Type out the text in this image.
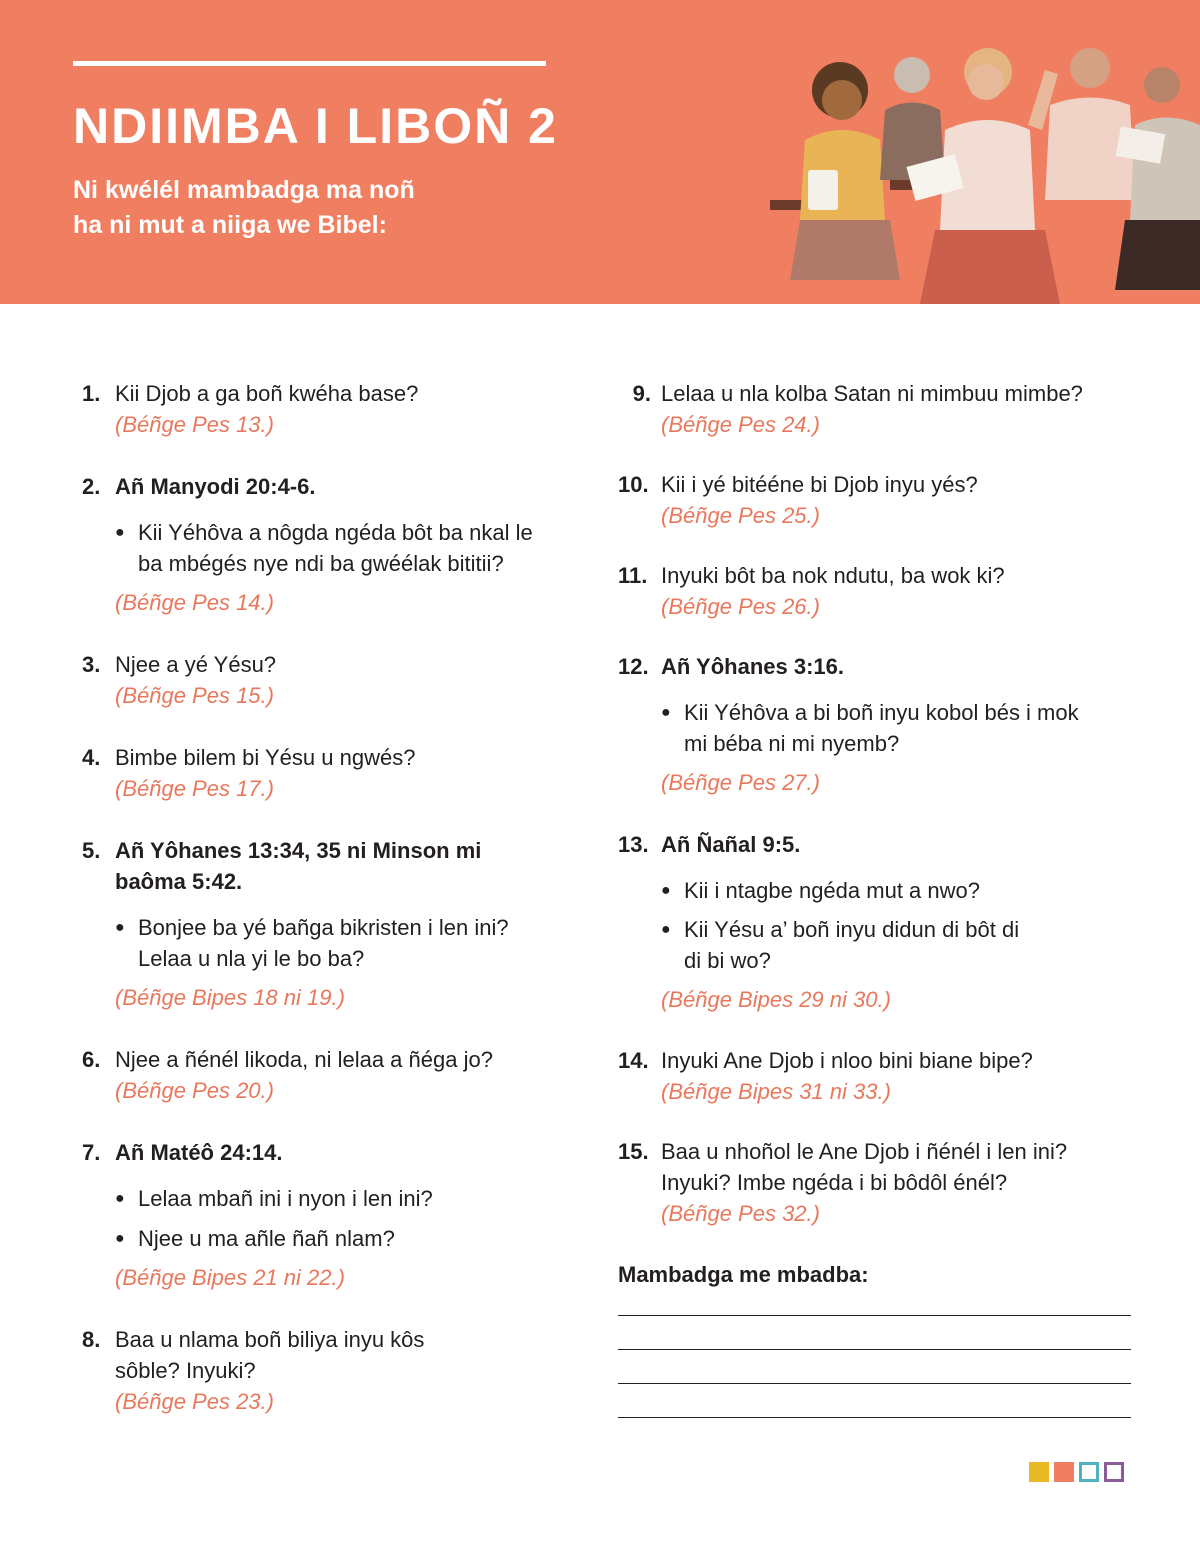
NDIIMBA I LIBOÑ 2
Ni kwélél mambadga ma noñ
ha ni mut a niiga we Bibel:
1. Kii Djob a ga boñ kwéha base?
(Béñge Pes 13.)
2. Añ Manyodi 20:4-6.
● Kii Yéhôva a nôgda ngéda bôt ba nkal le ba mbégés nye ndi ba gwéélak bititii?
(Béñge Pes 14.)
3. Njee a yé Yésu?
(Béñge Pes 15.)
4. Bimbe bilem bi Yésu u ngwés?
(Béñge Pes 17.)
5. Añ Yôhanes 13:34, 35 ni Minson mi baôma 5:42.
● Bonjee ba yé bañga bikristen i len ini? Lelaa u nla yi le bo ba?
(Béñge Bipes 18 ni 19.)
6. Njee a ñénél likoda, ni lelaa a ñéga jo?
(Béñge Pes 20.)
7. Añ Matéô 24:14.
● Lelaa mbañ ini i nyon i len ini?
● Njee u ma añle ñañ nlam?
(Béñge Bipes 21 ni 22.)
8. Baa u nlama boñ biliya inyu kôs sôble? Inyuki?
(Béñge Pes 23.)
9. Lelaa u nla kolba Satan ni mimbuu mimbe?
(Béñge Pes 24.)
10. Kii i yé bitééne bi Djob inyu yés?
(Béñge Pes 25.)
11. Inyuki bôt ba nok ndutu, ba wok ki?
(Béñge Pes 26.)
12. Añ Yôhanes 3:16.
● Kii Yéhôva a bi boñ inyu kobol bés i mok mi béba ni mi nyemb?
(Béñge Pes 27.)
13. Añ Ñañal 9:5.
● Kii i ntagbe ngéda mut a nwo?
● Kii Yésu a’ boñ inyu didun di bôt di di bi wo?
(Béñge Bipes 29 ni 30.)
14. Inyuki Ane Djob i nloo bini biane bipe?
(Béñge Bipes 31 ni 33.)
15. Baa u nhoñol le Ane Djob i ñénél i len ini? Inyuki? Imbe ngéda i bi bôdôl énél?
(Béñge Pes 32.)
Mambadga me mbadba:
